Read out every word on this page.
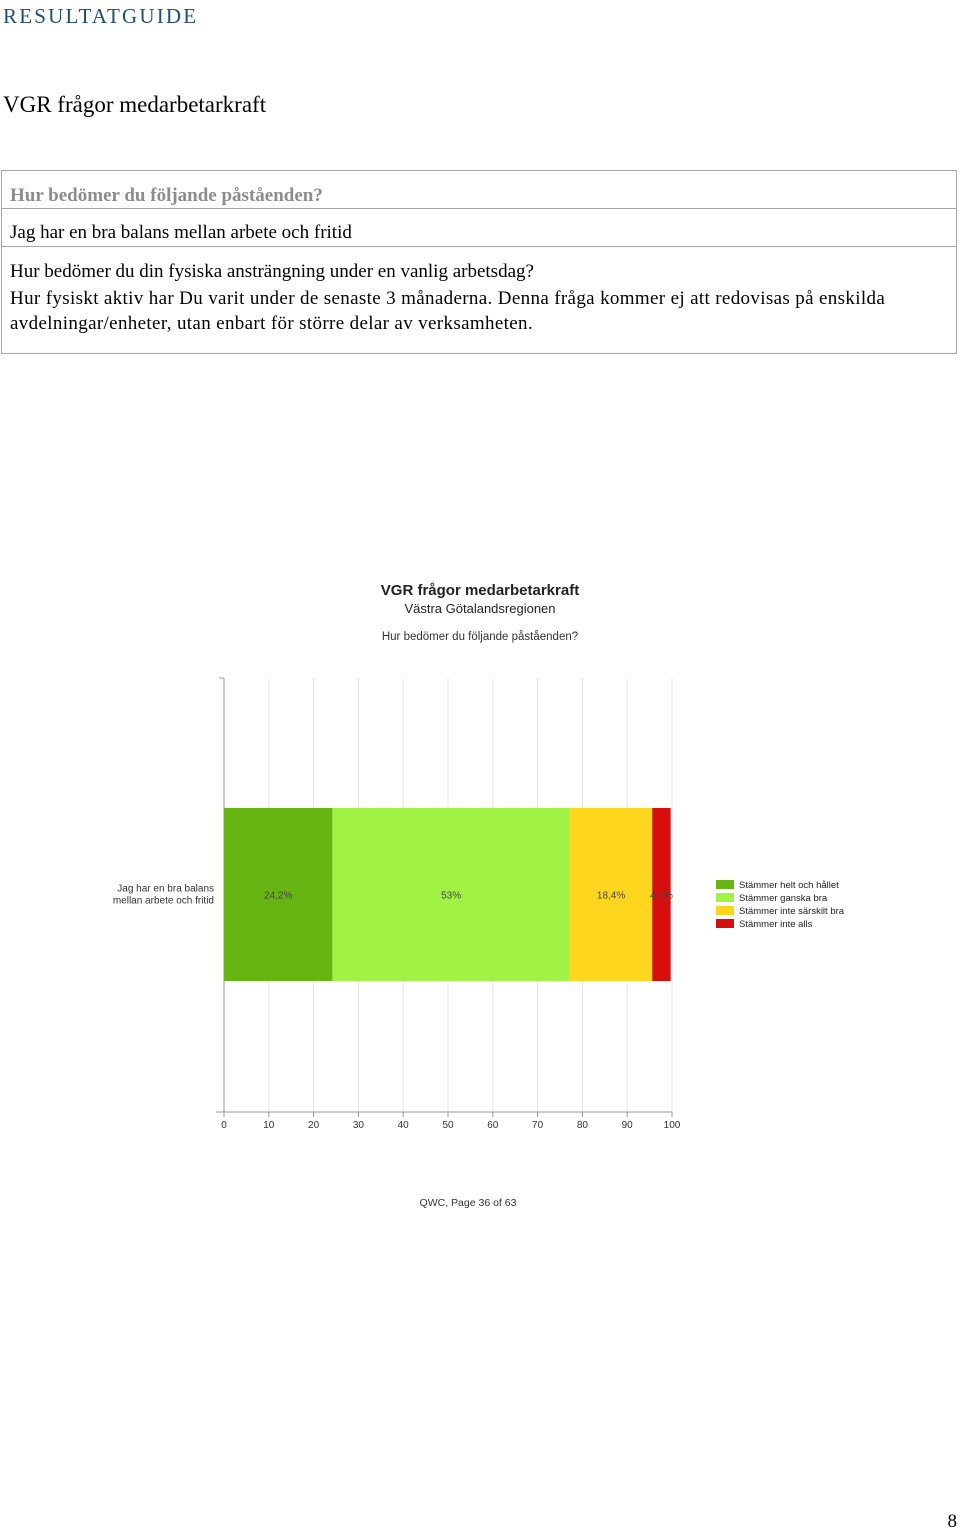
RESULTATGUIDE
VGR frågor medarbetarkraft
Hur bedömer du följande påståenden?
Jag har en bra balans mellan arbete och fritid
Hur bedömer du din fysiska ansträngning under en vanlig arbetsdag?
Hur fysiskt aktiv har Du varit under de senaste 3 månaderna. Denna fråga kommer ej att redovisas på enskilda avdelningar/enheter, utan enbart för större delar av verksamheten.
VGR frågor medarbetarkraft
Västra Götalandsregionen
Hur bedömer du följande påståenden?
QWC, Page 36 of 63
0	10	20	30	40	50	60	70	80	90	100
24,2%	53%	18,4% 4,1%
Jag har en bra balans
mellan arbete och fritid
Stämmer helt och hållet
Stämmer ganska bra
Stämmer inte särskilt bra
Stämmer inte alls
8
